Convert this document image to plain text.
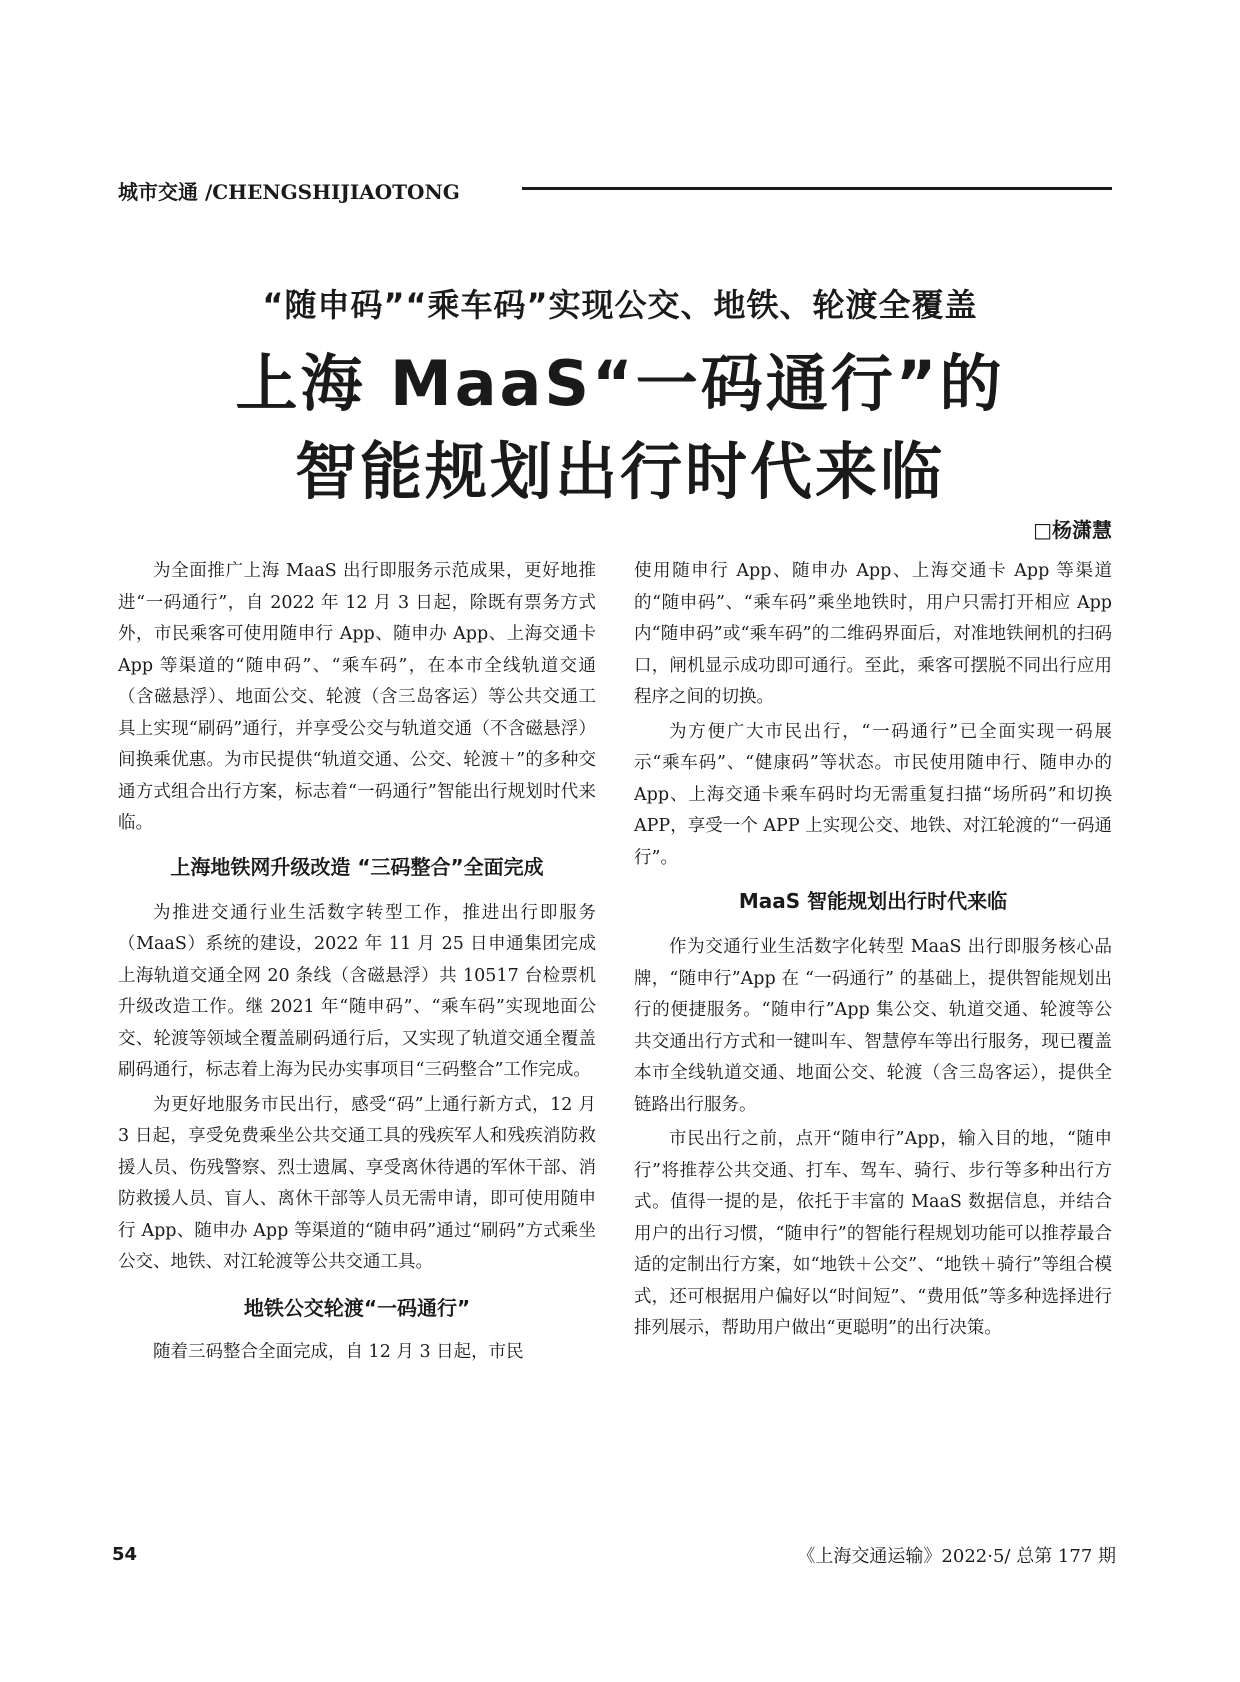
城市交通 /CHENGSHIJIAOTONG
“随申码”“乘车码”实现公交、地铁、轮渡全覆盖
上海 MaaS“一码通行”的
智能规划出行时代来临
□杨潇慧

为全面推广上海 MaaS 出行即服务示范成果，更好地推进“一码通行”，自 2022 年 12 月 3 日起，除既有票务方式外，市民乘客可使用随申行 App、随申办 App、上海交通卡 App 等渠道的“随申码”、“乘车码”，在本市全线轨道交通（含磁悬浮）、地面公交、轮渡（含三岛客运）等公共交通工具上实现“刷码”通行，并享受公交与轨道交通（不含磁悬浮）间换乘优惠。为市民提供“轨道交通、公交、轮渡＋”的多种交通方式组合出行方案，标志着“一码通行”智能出行规划时代来临。

上海地铁网升级改造 “三码整合”全面完成

为推进交通行业生活数字转型工作，推进出行即服务（MaaS）系统的建设，2022 年 11 月 25 日申通集团完成上海轨道交通全网 20 条线（含磁悬浮）共 10517 台检票机升级改造工作。继 2021 年“随申码”、“乘车码”实现地面公交、轮渡等领域全覆盖刷码通行后，又实现了轨道交通全覆盖刷码通行，标志着上海为民办实事项目“三码整合”工作完成。

为更好地服务市民出行，感受“码”上通行新方式，12 月 3 日起，享受免费乘坐公共交通工具的残疾军人和残疾消防救援人员、伤残警察、烈士遗属、享受离休待遇的军休干部、消防救援人员、盲人、离休干部等人员无需申请，即可使用随申行 App、随申办 App 等渠道的“随申码”通过“刷码”方式乘坐公交、地铁、对江轮渡等公共交通工具。

地铁公交轮渡“一码通行”

随着三码整合全面完成，自 12 月 3 日起，市民

使用随申行 App、随申办 App、上海交通卡 App 等渠道的“随申码”、“乘车码”乘坐地铁时，用户只需打开相应 App 内“随申码”或“乘车码”的二维码界面后，对准地铁闸机的扫码口，闸机显示成功即可通行。至此，乘客可摆脱不同出行应用程序之间的切换。

为方便广大市民出行，“一码通行”已全面实现一码展示“乘车码”、“健康码”等状态。市民使用随申行、随申办的 App、上海交通卡乘车码时均无需重复扫描“场所码”和切换 APP，享受一个 APP 上实现公交、地铁、对江轮渡的“一码通行”。

MaaS 智能规划出行时代来临

作为交通行业生活数字化转型 MaaS 出行即服务核心品牌，“随申行”App 在 “一码通行” 的基础上，提供智能规划出行的便捷服务。“随申行”App 集公交、轨道交通、轮渡等公共交通出行方式和一键叫车、智慧停车等出行服务，现已覆盖本市全线轨道交通、地面公交、轮渡（含三岛客运），提供全链路出行服务。

市民出行之前，点开“随申行”App，输入目的地，“随申行”将推荐公共交通、打车、驾车、骑行、步行等多种出行方式。值得一提的是，依托于丰富的 MaaS 数据信息，并结合用户的出行习惯，“随申行”的智能行程规划功能可以推荐最合适的定制出行方案，如“地铁＋公交”、“地铁＋骑行”等组合模式，还可根据用户偏好以“时间短”、“费用低”等多种选择进行排列展示，帮助用户做出“更聪明”的出行决策。

54	《上海交通运输》2022·5/ 总第 177 期
